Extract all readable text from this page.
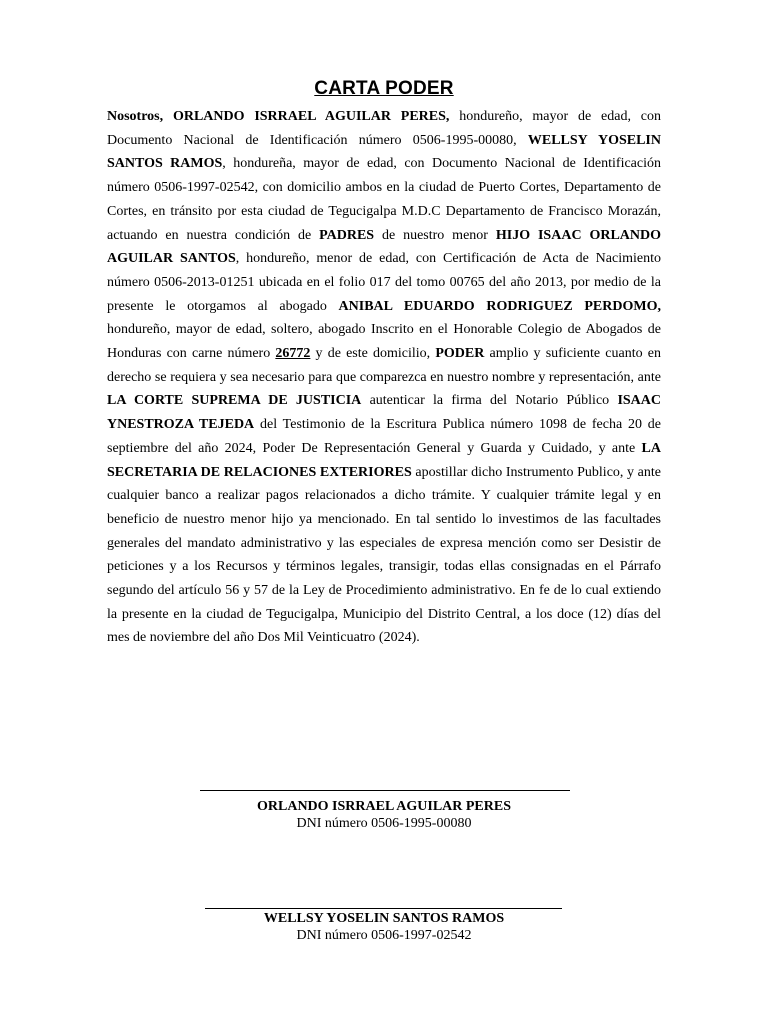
CARTA PODER

Nosotros, ORLANDO ISRRAEL AGUILAR PERES, hondureño, mayor de edad, con Documento Nacional de Identificación número 0506-1995-00080, WELLSY YOSELIN SANTOS RAMOS, hondureña, mayor de edad, con Documento Nacional de Identificación número 0506-1997-02542, con domicilio ambos en la ciudad de Puerto Cortes, Departamento de Cortes, en tránsito por esta ciudad de Tegucigalpa M.D.C Departamento de Francisco Morazán, actuando en nuestra condición de PADRES de nuestro menor HIJO ISAAC ORLANDO AGUILAR SANTOS, hondureño, menor de edad, con Certificación de Acta de Nacimiento número 0506-2013-01251 ubicada en el folio 017 del tomo 00765 del año 2013, por medio de la presente le otorgamos al abogado ANIBAL EDUARDO RODRIGUEZ PERDOMO, hondureño, mayor de edad, soltero, abogado Inscrito en el Honorable Colegio de Abogados de Honduras con carne número 26772 y de este domicilio, PODER amplio y suficiente cuanto en derecho se requiera y sea necesario para que comparezca en nuestro nombre y representación, ante LA CORTE SUPREMA DE JUSTICIA autenticar la firma del Notario Público ISAAC YNESTROZA TEJEDA del Testimonio de la Escritura Publica número 1098 de fecha 20 de septiembre del año 2024, Poder De Representación General y Guarda y Cuidado, y ante LA SECRETARIA DE RELACIONES EXTERIORES apostillar dicho Instrumento Publico, y ante cualquier banco a realizar pagos relacionados a dicho trámite. Y cualquier trámite legal y en beneficio de nuestro menor hijo ya mencionado. En tal sentido lo investimos de las facultades generales del mandato administrativo y las especiales de expresa mención como ser Desistir de peticiones y a los Recursos y términos legales, transigir, todas ellas consignadas en el Párrafo segundo del artículo 56 y 57 de la Ley de Procedimiento administrativo. En fe de lo cual extiendo la presente en la ciudad de Tegucigalpa, Municipio del Distrito Central, a los doce (12) días del mes de noviembre del año Dos Mil Veinticuatro (2024).

ORLANDO ISRRAEL AGUILAR PERES
DNI número 0506-1995-00080
WELLSY YOSELIN SANTOS RAMOS
DNI número 0506-1997-02542
